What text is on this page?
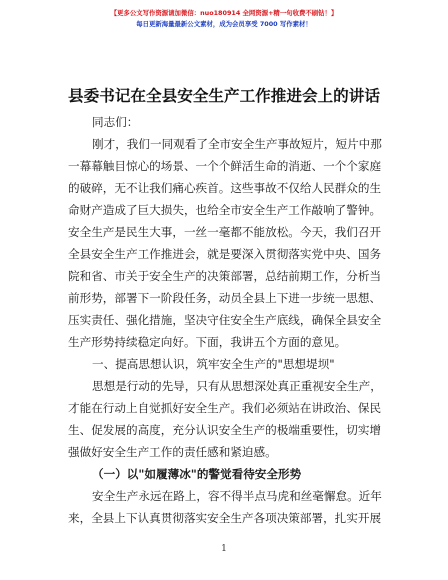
【更多公文写作资源请加微信：nuo180914 全网资源+精一句收费不刷钻！】
每日更新海量最新公文素材，成为会员享受 7000 写作素材！
县委书记在全县安全生产工作推进会上的讲话
同志们：
刚才，我们一同观看了全市安全生产事故短片，短片中那
一幕幕触目惊心的场景、一个个鲜活生命的消逝、一个个家庭
的破碎，无不让我们痛心疾首。这些事故不仅给人民群众的生
命财产造成了巨大损失，也给全市安全生产工作敲响了警钟。
安全生产是民生大事，一丝一毫都不能放松。今天，我们召开
全县安全生产工作推进会，就是要深入贯彻落实党中央、国务
院和省、市关于安全生产的决策部署，总结前期工作，分析当
前形势，部署下一阶段任务，动员全县上下进一步统一思想、
压实责任、强化措施，坚决守住安全生产底线，确保全县安全
生产形势持续稳定向好。下面，我讲五个方面的意见。
一、提高思想认识，筑牢安全生产的"思想堤坝"
思想是行动的先导，只有从思想深处真正重视安全生产，
才能在行动上自觉抓好安全生产。我们必须站在讲政治、保民
生、促发展的高度，充分认识安全生产的极端重要性，切实增
强做好安全生产工作的责任感和紧迫感。
（一）以"如履薄冰"的警觉看待安全形势
安全生产永远在路上，容不得半点马虎和丝毫懈怠。近年
来，全县上下认真贯彻落实安全生产各项决策部署，扎实开展
1
